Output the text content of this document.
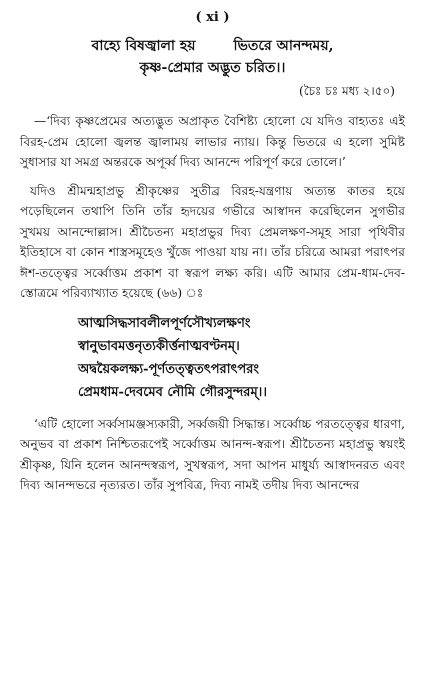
( xi )
বাহ্যে বিষজ্বালা হয়	ভিতরে আনন্দময়,
কৃষ্ণ-প্রেমার অদ্ভুত চরিত।।
(চৈঃ চঃ মধ্য ২।৫০)

—‘দিব্য কৃষ্ণপ্রেমের অত্যদ্ভুত অপ্রাকৃত বৈশিষ্ট্য হোলো যে যদিও বাহ্যতঃ এই বিরহ-প্রেম হোলো জ্বলন্ত জ্বালাময় লাভার ন্যায়। কিন্তু ভিতরে এ হলো সুমিষ্ট সুধাসার যা সমগ্র অন্তরকে অপূর্ব্ব দিব্য আনন্দে পরিপূর্ণ করে তোলে।’

যদিও শ্রীমন্মহাপ্রভু শ্রীকৃষ্ণের সুতীব্র বিরহ-যন্ত্রণায় অত্যন্ত কাতর হয়ে পড়েছিলেন তথাপি তিনি তাঁর হৃদয়ের গভীরে আস্বাদন করেছিলেন সুগভীর সুখময় আনন্দোল্লাস। শ্রীচৈতন্য মহাপ্রভুর দিব্য প্রেমলক্ষণ-সমূহ সারা পৃথিবীর ইতিহাসে বা কোন শাস্ত্রসমূহেও খুঁজে পাওয়া যায় না। তাঁর চরিত্রে আমরা পরাৎপর ঈশ-তত্ত্বের সর্ব্বোত্তম প্রকাশ বা স্বরূপ লক্ষ্য করি। এটি আমার প্রেম-ধাম-দেব-স্তোত্রমে পরিব্যাখ্যাত হয়েছে (৬৬) ঃ

আত্মসিদ্ধসাবলীলপূর্ণসৌখ্যলক্ষণং
স্বানুভাবমত্তনৃত্যকীর্ত্তনাত্মবণ্টনম্।
অদ্বয়ৈকলক্ষ্য-পূর্ণতত্ত্বতৎপরাৎপরং
প্রেমধাম-দেবমেব নৌমি গৌরসুন্দরম্।।

‘এটি হোলো সর্ব্বসামঞ্জস্যকারী, সর্ব্বজয়ী সিদ্ধান্ত। সর্ব্বোচ্চ পরতত্ত্বের ধারণা, অনুভব বা প্রকাশ নিশ্চিতরূপেই সর্ব্বোত্তম আনন্দ-স্বরূপ। শ্রীচৈতন্য মহাপ্রভু স্বয়ংই শ্রীকৃষ্ণ, যিনি হলেন আনন্দস্বরূপ, সুখস্বরূপ, সদা আপন মাধুর্য্য আস্বাদনরত এবং দিব্য আনন্দভরে নৃত্যরত। তাঁর সুপবিত্র, দিব্য নামই তদীয় দিব্য আনন্দের
